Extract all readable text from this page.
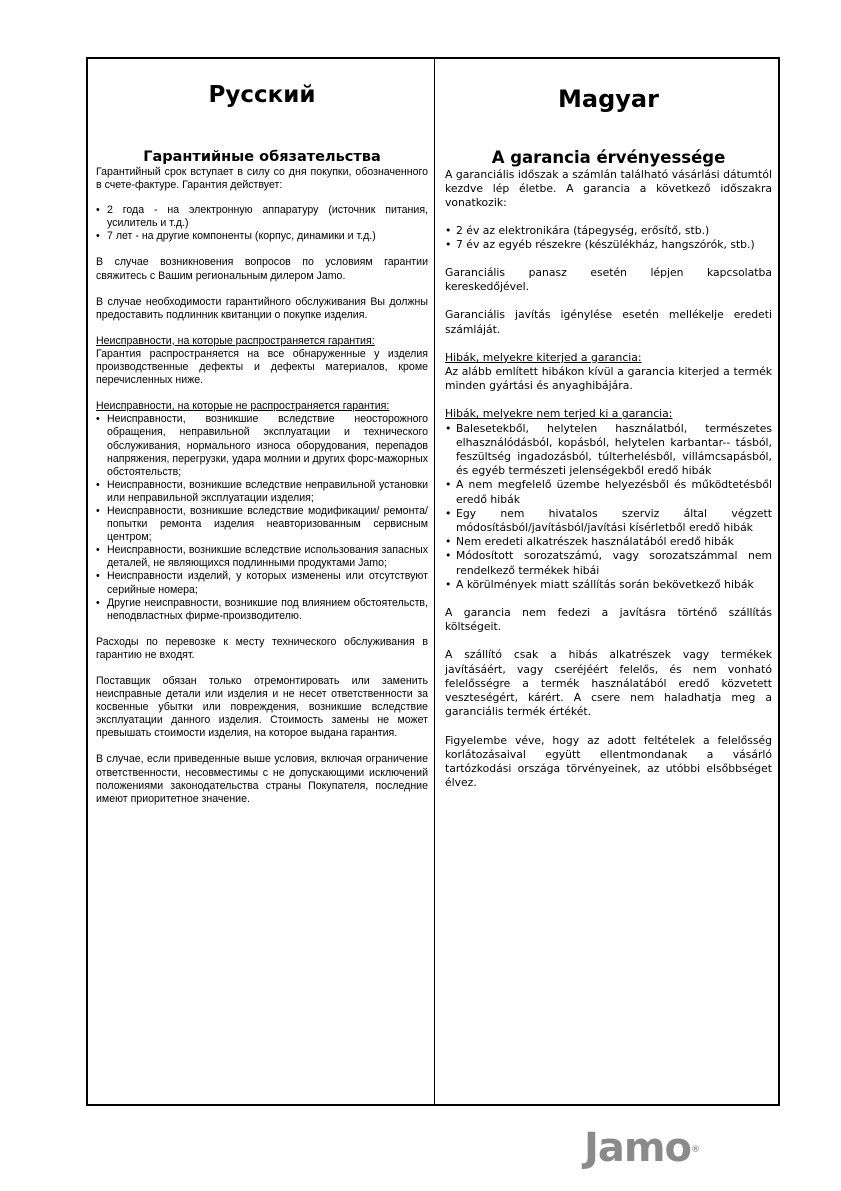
Русский
Гарантийные обязательства

Гарантийный срок вступает в силу со дня покупки, обозначенного в счете-фактуре. Гарантия действует:

• 2 года - на электронную аппаратуру (источник питания, усилитель и т.д.)
• 7 лет - на другие компоненты (корпус, динамики и т.д.)

В случае возникновения вопросов по условиям гарантии свяжитесь с Вашим региональным дилером Jamo.

В случае необходимости гарантийного обслуживания Вы должны предоставить подлинник квитанции о покупке изделия.

Неисправности, на которые распространяется гарантия:
Гарантия распространяется на все обнаруженные у изделия производственные дефекты и дефекты материалов, кроме перечисленных ниже.

Неисправности, на которые не распространяется гарантия:

• Неисправности, возникшие вследствие неосторожного обращения, неправильной эксплуатации и технического обслуживания, нормального износа оборудования, перепадов напряжения, перегрузки, удара молнии и других форс-мажорных обстоятельств;
• Неисправности, возникшие вследствие неправильной установки или неправильной эксплуатации изделия;
• Неисправности, возникшие вследствие модификации/ ремонта/попытки ремонта изделия неавторизованным сервисным центром;
• Неисправности, возникшие вследствие использования запасных деталей, не являющихся подлинными продуктами Jamo;
• Неисправности изделий, у которых изменены или отсутствуют серийные номера;
• Другие неисправности, возникшие под влиянием обстоятельств, неподвластных фирме-производителю.

Расходы по перевозке к месту технического обслуживания в гарантию не входят.

Поставщик обязан только отремонтировать или заменить неисправные детали или изделия и не несет ответственности за косвенные убытки или повреждения, возникшие вследствие эксплуатации данного изделия. Стоимость замены не может превышать стоимости изделия, на которое выдана гарантия.

В случае, если приведенные выше условия, включая ограничение ответственности, несовместимы с не допускающими исключений положениями законодательства страны Покупателя, последние имеют приоритетное значение.

Magyar
A garancia érvényessége

A garanciális időszak a számlán található vásárlási dátumtól kezdve lép életbe. A garancia a következő időszakra vonatkozik:

• 2 év az elektronikára (tápegység, erősítő, stb.)
• 7 év az egyéb részekre (készülékház, hangszórók, stb.)

Garanciális panasz esetén lépjen kapcsolatba kereskedőjével.

Garanciális javítás igénylése esetén mellékelje eredeti számláját.

Hibák, melyekre kiterjed a garancia:
Az alább említett hibákon kívül a garancia kiterjed a termék minden gyártási és anyaghibájára.

Hibák, melyekre nem terjed ki a garancia:

• Balesetekből, helytelen használatból, természetes elhasználódásból, kopásból, helytelen karbantar-- tásból, feszültség ingadozásból, túlterhelésből, villámcsapásból, és egyéb természeti jelenségekből eredő hibák
• A nem megfelelő üzembe helyezésből és működtetésből eredő hibák
• Egy nem hivatalos szerviz által végzett módosításból/javításból/javítási kísérletből eredő hibák
• Nem eredeti alkatrészek használatából eredő hibák
• Módosított sorozatszámú, vagy sorozatszámmal nem rendelkező termékek hibái
• A körülmények miatt szállítás során bekövetkező hibák

A garancia nem fedezi a javításra történő szállítás költségeit.

A szállító csak a hibás alkatrészek vagy termékek javításáért, vagy cseréjéért felelős, és nem vonható felelősségre a termék használatából eredő közvetett veszteségért, kárért. A csere nem haladhatja meg a garanciális termék értékét.

Figyelembe véve, hogy az adott feltételek a felelősség korlátozásaival együtt ellentmondanak a vásárló tartózkodási országa törvényeinek, az utóbbi elsőbbséget élvez.

Jamo®
